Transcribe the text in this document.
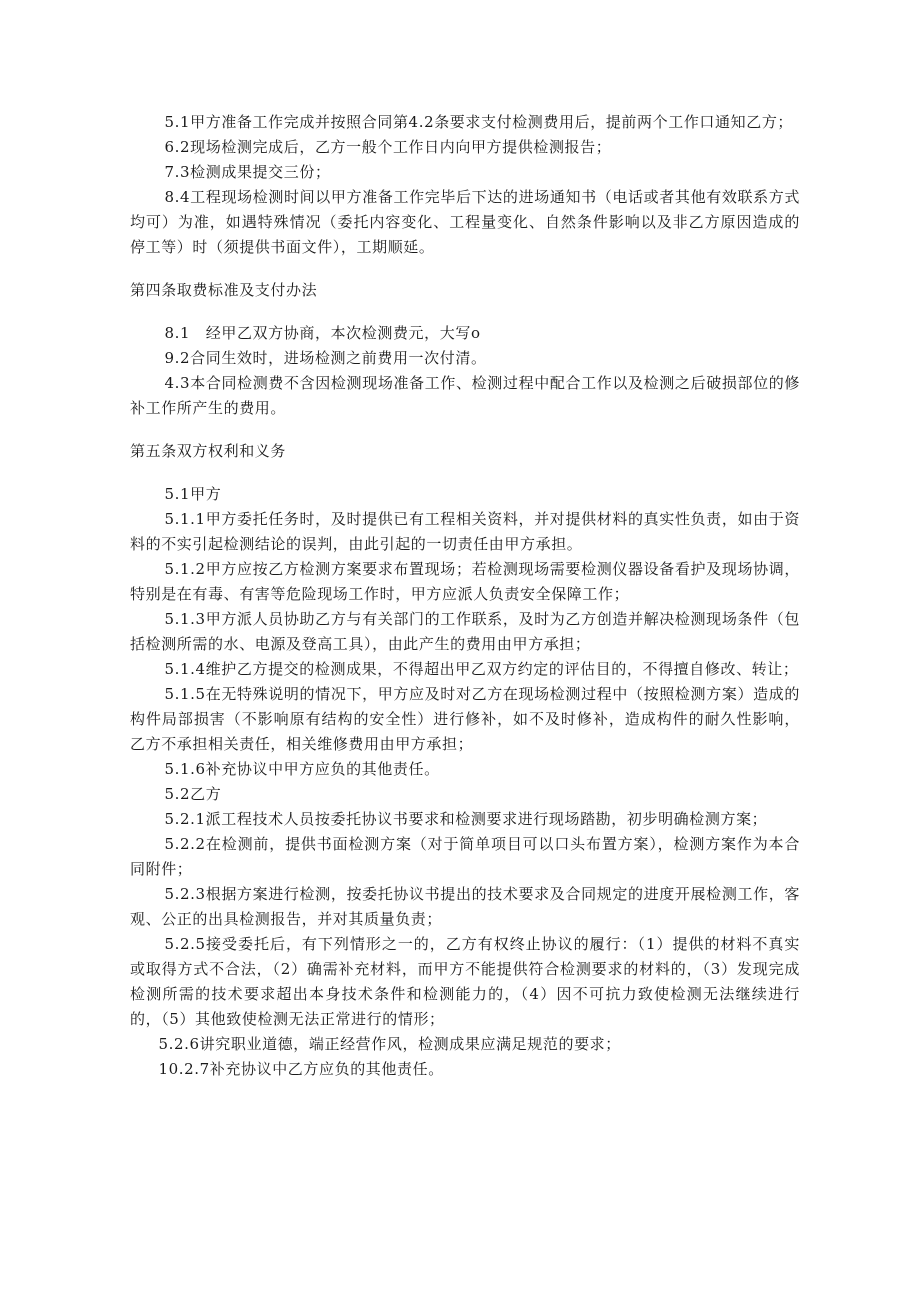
5.1甲方准备工作完成并按照合同第4.2条要求支付检测费用后，提前两个工作口通知乙方；

6.2现场检测完成后，乙方一般个工作日内向甲方提供检测报告；

7.3检测成果提交三份；

8.4工程现场检测时间以甲方准备工作完毕后下达的进场通知书（电话或者其他有效联系方式均可）为准，如遇特殊情况（委托内容变化、工程量变化、自然条件影响以及非乙方原因造成的停工等）时（须提供书面文件），工期顺延。

第四条取费标准及支付办法

8.1　经甲乙双方协商，本次检测费元，大写o

9.2合同生效时，进场检测之前费用一次付清。

4.3本合同检测费不含因检测现场准备工作、检测过程中配合工作以及检测之后破损部位的修补工作所产生的费用。

第五条双方权利和义务

5.1甲方

5.1.1甲方委托任务时，及时提供已有工程相关资料，并对提供材料的真实性负责，如由于资料的不实引起检测结论的误判，由此引起的一切责任由甲方承担。

5.1.2甲方应按乙方检测方案要求布置现场；若检测现场需要检测仪器设备看护及现场协调，特别是在有毒、有害等危险现场工作时，甲方应派人负责安全保障工作；

5.1.3甲方派人员协助乙方与有关部门的工作联系，及时为乙方创造并解决检测现场条件（包括检测所需的水、电源及登高工具），由此产生的费用由甲方承担；

5.1.4维护乙方提交的检测成果，不得超出甲乙双方约定的评估目的，不得擅自修改、转让；

5.1.5在无特殊说明的情况下，甲方应及时对乙方在现场检测过程中（按照检测方案）造成的构件局部损害（不影响原有结构的安全性）进行修补，如不及时修补，造成构件的耐久性影响，乙方不承担相关责任，相关维修费用由甲方承担；

5.1.6补充协议中甲方应负的其他责任。

5.2乙方

5.2.1派工程技术人员按委托协议书要求和检测要求进行现场踏勘，初步明确检测方案；

5.2.2在检测前，提供书面检测方案（对于简单项目可以口头布置方案），检测方案作为本合同附件；

5.2.3根据方案进行检测，按委托协议书提出的技术要求及合同规定的进度开展检测工作，客观、公正的出具检测报告，并对其质量负责；

5.2.5接受委托后，有下列情形之一的，乙方有权终止协议的履行：（1）提供的材料不真实或取得方式不合法，（2）确需补充材料，而甲方不能提供符合检测要求的材料的，（3）发现完成检测所需的技术要求超出本身技术条件和检测能力的，（4）因不可抗力致使检测无法继续进行的，（5）其他致使检测无法正常进行的情形；

5.2.6讲究职业道德，端正经营作风，检测成果应满足规范的要求；

10.2.7补充协议中乙方应负的其他责任。
